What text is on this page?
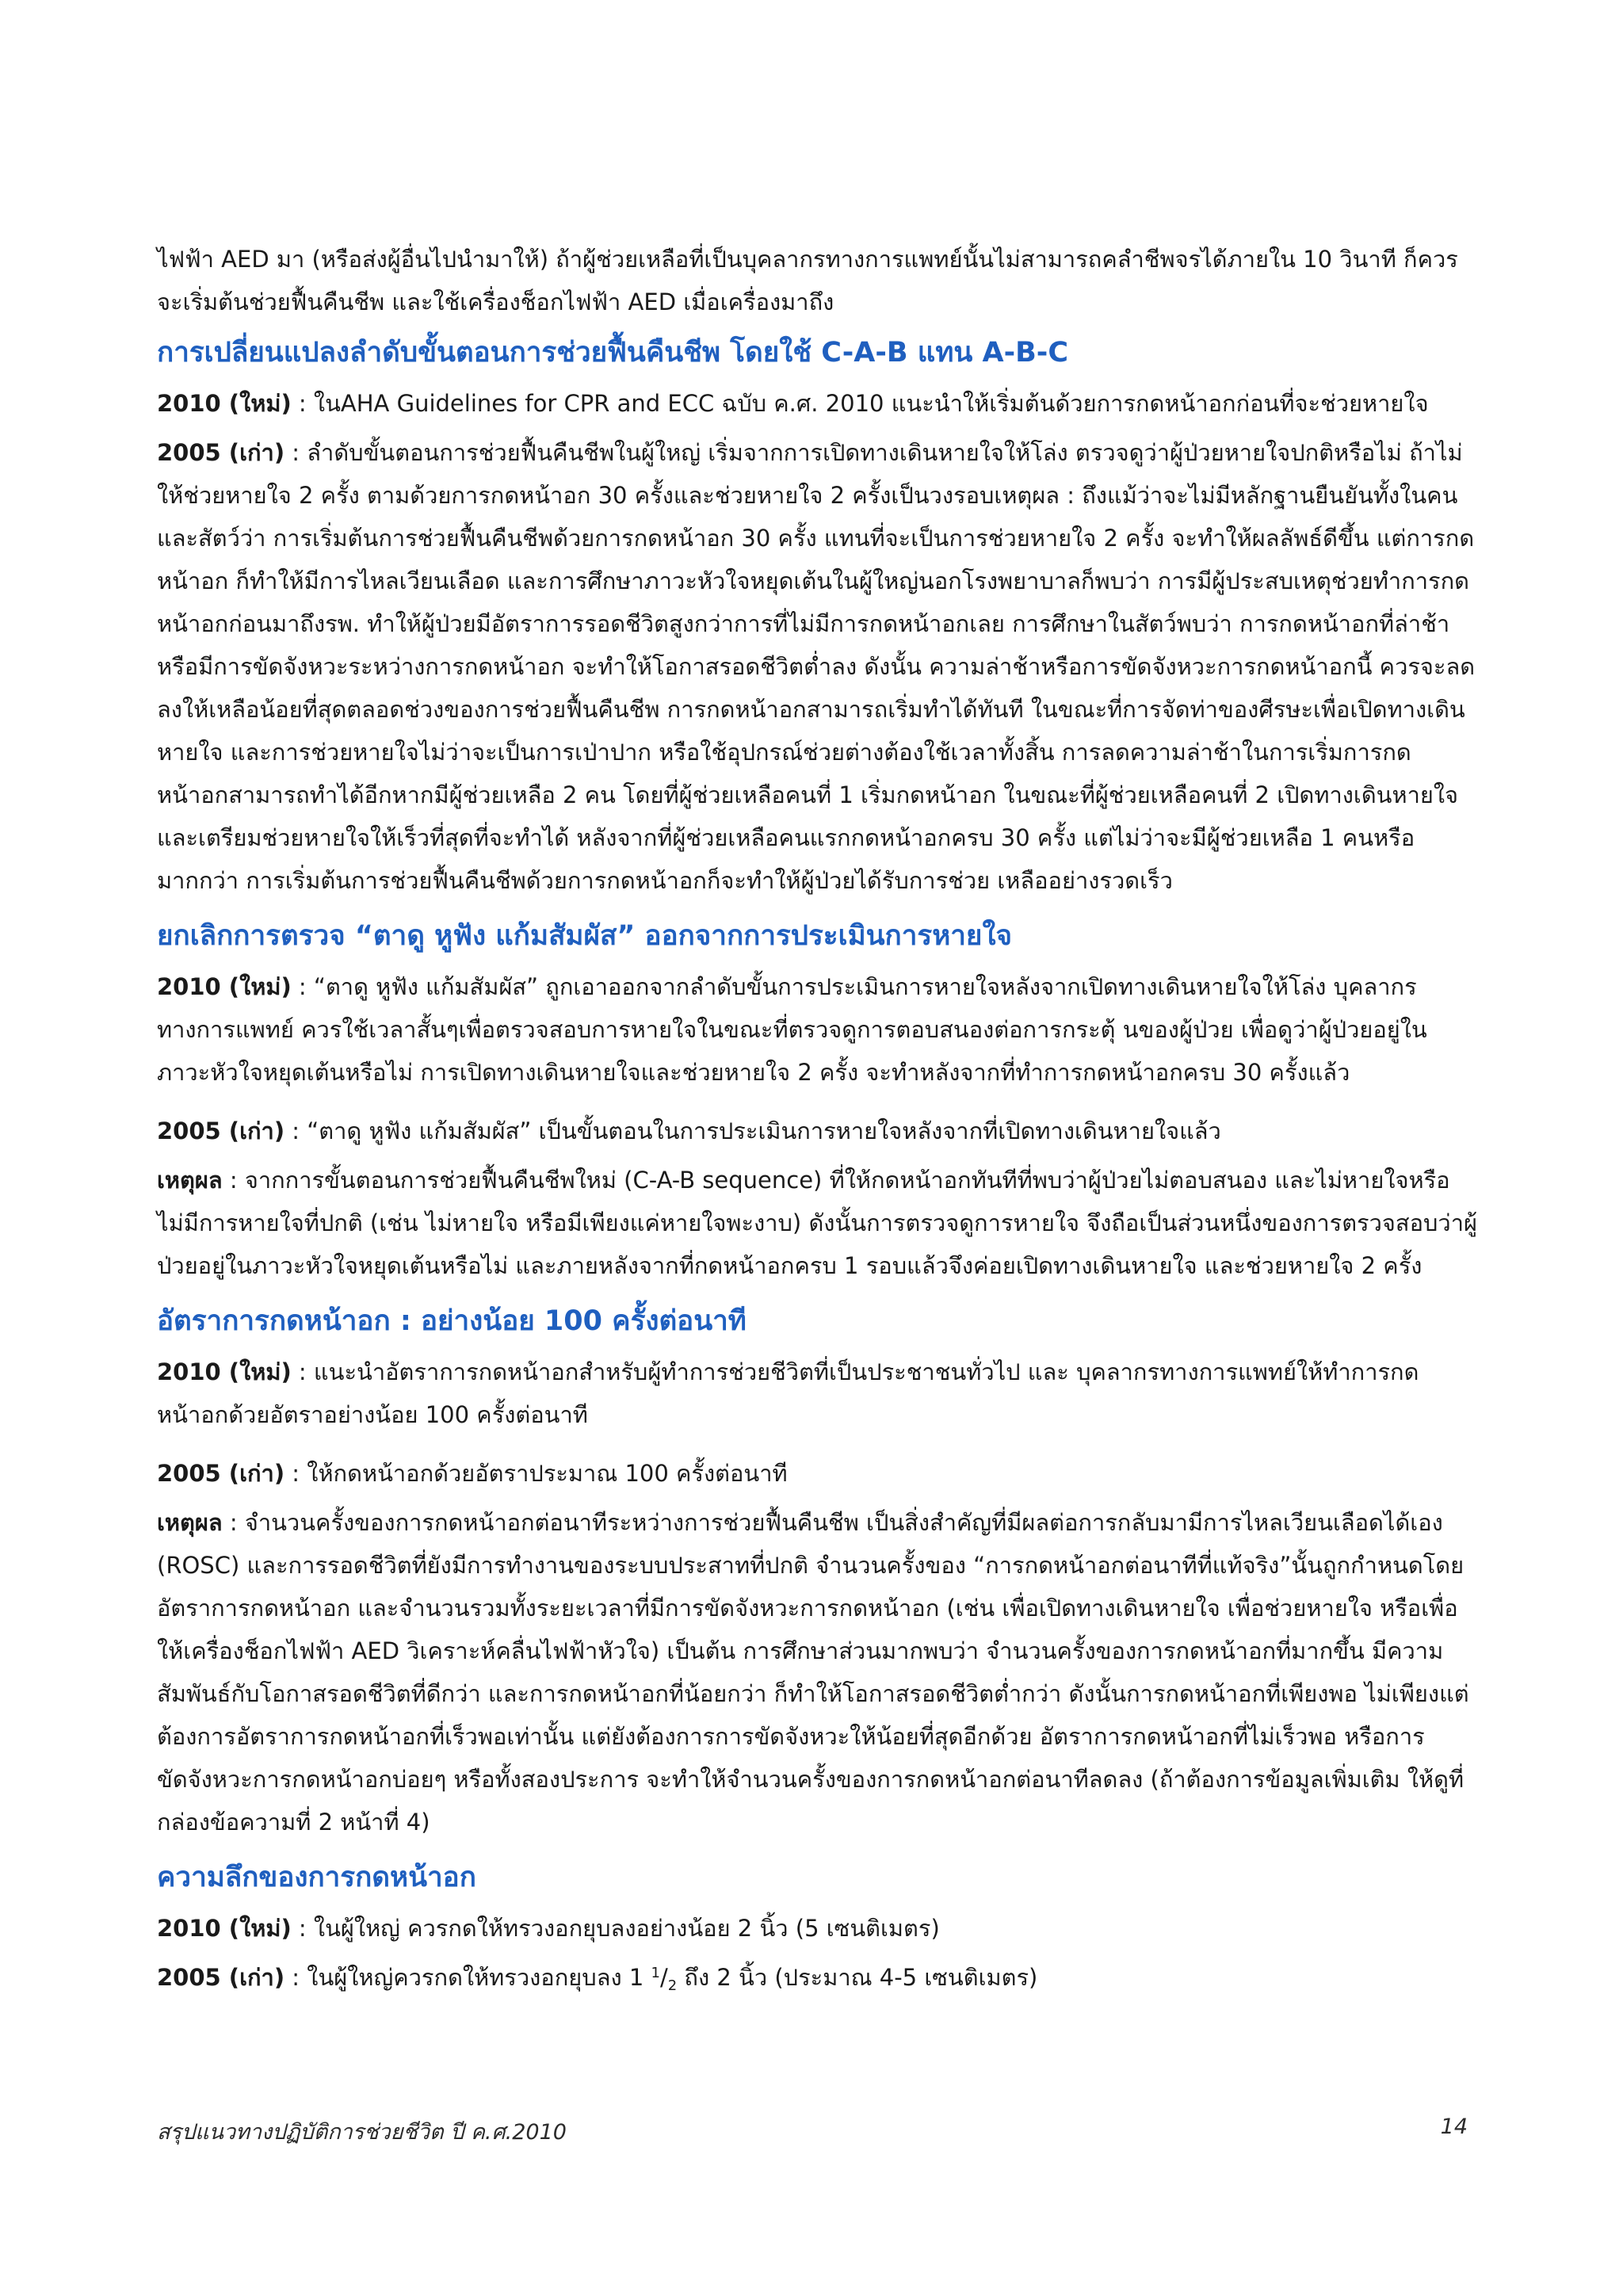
ไฟฟ้า AED มา (หรือส่งผู้อื่นไปนำมาให้) ถ้าผู้ช่วยเหลือที่เป็นบุคลากรทางการแพทย์นั้นไม่สามารถคลำชีพจรได้ภายใน 10 วินาที ก็ควรจะเริ่มต้นช่วยฟื้นคืนชีพ และใช้เครื่องช็อกไฟฟ้า AED เมื่อเครื่องมาถึง

การเปลี่ยนแปลงลำดับขั้นตอนการช่วยฟื้นคืนชีพ โดยใช้ C-A-B แทน A-B-C

2010 (ใหม่) : ในAHA Guidelines for CPR and ECC ฉบับ ค.ศ. 2010 แนะนำให้เริ่มต้นด้วยการกดหน้าอกก่อนที่จะช่วยหายใจ

2005 (เก่า) : ลำดับขั้นตอนการช่วยฟื้นคืนชีพในผู้ใหญ่ เริ่มจากการเปิดทางเดินหายใจให้โล่ง ตรวจดูว่าผู้ป่วยหายใจปกติหรือไม่ ถ้าไม่ ให้ช่วยหายใจ 2 ครั้ง ตามด้วยการกดหน้าอก 30 ครั้งและช่วยหายใจ 2 ครั้งเป็นวงรอบเหตุผล : ถึงแม้ว่าจะไม่มีหลักฐานยืนยันทั้งในคนและสัตว์ว่า การเริ่มต้นการช่วยฟื้นคืนชีพด้วยการกดหน้าอก 30 ครั้ง แทนที่จะเป็นการช่วยหายใจ 2 ครั้ง จะทำให้ผลลัพธ์ดีขึ้น แต่การกดหน้าอก ก็ทำให้มีการไหลเวียนเลือด และการศึกษาภาวะหัวใจหยุดเต้นในผู้ใหญ่นอกโรงพยาบาลก็พบว่า การมีผู้ประสบเหตุช่วยทำการกดหน้าอกก่อนมาถึงรพ. ทำให้ผู้ป่วยมีอัตราการรอดชีวิตสูงกว่าการที่ไม่มีการกดหน้าอกเลย การศึกษาในสัตว์พบว่า การกดหน้าอกที่ล่าช้า หรือมีการขัดจังหวะระหว่างการกดหน้าอก จะทำให้โอกาสรอดชีวิตต่ำลง ดังนั้น ความล่าช้าหรือการขัดจังหวะการกดหน้าอกนี้ ควรจะลดลงให้เหลือน้อยที่สุดตลอดช่วงของการช่วยฟื้นคืนชีพ การกดหน้าอกสามารถเริ่มทำได้ทันที ในขณะที่การจัดท่าของศีรษะเพื่อเปิดทางเดินหายใจ และการช่วยหายใจไม่ว่าจะเป็นการเป่าปาก หรือใช้อุปกรณ์ช่วยต่างต้องใช้เวลาทั้งสิ้น การลดความล่าช้าในการเริ่มการกดหน้าอกสามารถทำได้อีกหากมีผู้ช่วยเหลือ 2 คน โดยที่ผู้ช่วยเหลือคนที่ 1 เริ่มกดหน้าอก ในขณะที่ผู้ช่วยเหลือคนที่ 2 เปิดทางเดินหายใจ และเตรียมช่วยหายใจให้เร็วที่สุดที่จะทำได้ หลังจากที่ผู้ช่วยเหลือคนแรกกดหน้าอกครบ 30 ครั้ง แต่ไม่ว่าจะมีผู้ช่วยเหลือ 1 คนหรือมากกว่า การเริ่มต้นการช่วยฟื้นคืนชีพด้วยการกดหน้าอกก็จะทำให้ผู้ป่วยได้รับการช่วย เหลืออย่างรวดเร็ว

ยกเลิกการตรวจ “ตาดู หูฟัง แก้มสัมผัส” ออกจากการประเมินการหายใจ

2010 (ใหม่) : “ตาดู หูฟัง แก้มสัมผัส” ถูกเอาออกจากลำดับขั้นการประเมินการหายใจหลังจากเปิดทางเดินหายใจให้โล่ง บุคลากรทางการแพทย์ ควรใช้เวลาสั้นๆเพื่อตรวจสอบการหายใจในขณะที่ตรวจดูการตอบสนองต่อการกระตุ้ นของผู้ป่วย เพื่อดูว่าผู้ป่วยอยู่ในภาวะหัวใจหยุดเต้นหรือไม่ การเปิดทางเดินหายใจและช่วยหายใจ 2 ครั้ง จะทำหลังจากที่ทำการกดหน้าอกครบ 30 ครั้งแล้ว

2005 (เก่า) : “ตาดู หูฟัง แก้มสัมผัส” เป็นขั้นตอนในการประเมินการหายใจหลังจากที่เปิดทางเดินหายใจแล้ว

เหตุผล : จากการขั้นตอนการช่วยฟื้นคืนชีพใหม่ (C-A-B sequence) ที่ให้กดหน้าอกทันทีที่พบว่าผู้ป่วยไม่ตอบสนอง และไม่หายใจหรือไม่มีการหายใจที่ปกติ (เช่น ไม่หายใจ หรือมีเพียงแค่หายใจพะงาบ) ดังนั้นการตรวจดูการหายใจ จึงถือเป็นส่วนหนึ่งของการตรวจสอบว่าผู้ป่วยอยู่ในภาวะหัวใจหยุดเต้นหรือไม่ และภายหลังจากที่กดหน้าอกครบ 1 รอบแล้วจึงค่อยเปิดทางเดินหายใจ และช่วยหายใจ 2 ครั้ง

อัตราการกดหน้าอก : อย่างน้อย 100 ครั้งต่อนาที

2010 (ใหม่) : แนะนำอัตราการกดหน้าอกสำหรับผู้ทำการช่วยชีวิตที่เป็นประชาชนทั่วไป และ บุคลากรทางการแพทย์ให้ทำการกดหน้าอกด้วยอัตราอย่างน้อย 100 ครั้งต่อนาที

2005 (เก่า) : ให้กดหน้าอกด้วยอัตราประมาณ 100 ครั้งต่อนาที

เหตุผล : จำนวนครั้งของการกดหน้าอกต่อนาทีระหว่างการช่วยฟื้นคืนชีพ เป็นสิ่งสำคัญที่มีผลต่อการกลับมามีการไหลเวียนเลือดได้เอง (ROSC) และการรอดชีวิตที่ยังมีการทำงานของระบบประสาทที่ปกติ จำนวนครั้งของ “การกดหน้าอกต่อนาทีที่แท้จริง”นั้นถูกกำหนดโดย อัตราการกดหน้าอก และจำนวนรวมทั้งระยะเวลาที่มีการขัดจังหวะการกดหน้าอก (เช่น เพื่อเปิดทางเดินหายใจ เพื่อช่วยหายใจ หรือเพื่อให้เครื่องช็อกไฟฟ้า AED วิเคราะห์คลื่นไฟฟ้าหัวใจ) เป็นต้น การศึกษาส่วนมากพบว่า จำนวนครั้งของการกดหน้าอกที่มากขึ้น มีความสัมพันธ์กับโอกาสรอดชีวิตที่ดีกว่า และการกดหน้าอกที่น้อยกว่า ก็ทำให้โอกาสรอดชีวิตต่ำกว่า ดังนั้นการกดหน้าอกที่เพียงพอ ไม่เพียงแต่ต้องการอัตราการกดหน้าอกที่เร็วพอเท่านั้น แต่ยังต้องการการขัดจังหวะให้น้อยที่สุดอีกด้วย อัตราการกดหน้าอกที่ไม่เร็วพอ หรือการขัดจังหวะการกดหน้าอกบ่อยๆ หรือทั้งสองประการ จะทำให้จำนวนครั้งของการกดหน้าอกต่อนาทีลดลง (ถ้าต้องการข้อมูลเพิ่มเติม ให้ดูที่กล่องข้อความที่ 2 หน้าที่ 4)

ความลึกของการกดหน้าอก

2010 (ใหม่) : ในผู้ใหญ่ ควรกดให้ทรวงอกยุบลงอย่างน้อย 2 นิ้ว (5 เซนติเมตร)

2005 (เก่า) : ในผู้ใหญ่ควรกดให้ทรวงอกยุบลง 1 $^1/_2$ ถึง 2 นิ้ว (ประมาณ 4-5 เซนติเมตร)

สรุปแนวทางปฏิบัติการช่วยชีวิต ปี ค.ศ.2010	14
